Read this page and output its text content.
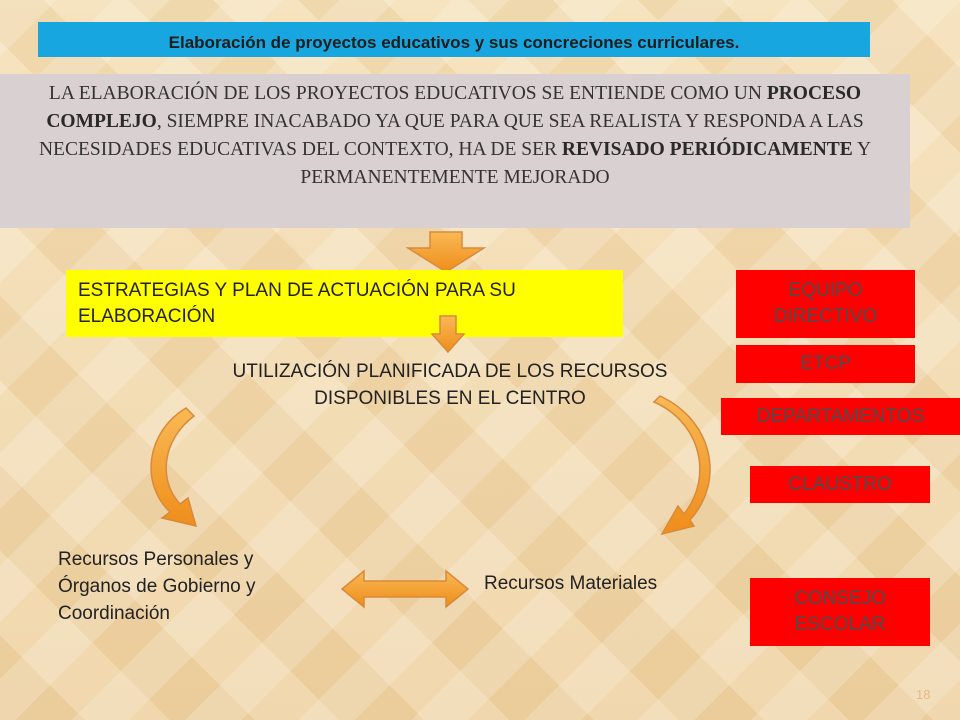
Elaboración de proyectos educativos y sus concreciones curriculares.
LA ELABORACIÓN DE LOS PROYECTOS EDUCATIVOS SE ENTIENDE COMO UN PROCESO COMPLEJO, SIEMPRE INACABADO YA QUE PARA QUE SEA REALISTA Y RESPONDA A LAS NECESIDADES EDUCATIVAS DEL CONTEXTO, HA DE SER REVISADO PERIÓDICAMENTE Y PERMANENTEMENTE MEJORADO
ESTRATEGIAS Y PLAN DE ACTUACIÓN PARA SU ELABORACIÓN
UTILIZACIÓN PLANIFICADA DE LOS RECURSOS DISPONIBLES EN EL CENTRO
Recursos Personales y Órganos de Gobierno y Coordinación
Recursos Materiales
EQUIPO DIRECTIVO
ETCP
DEPARTAMENTOS
CLAUSTRO
CONSEJO ESCOLAR
18
